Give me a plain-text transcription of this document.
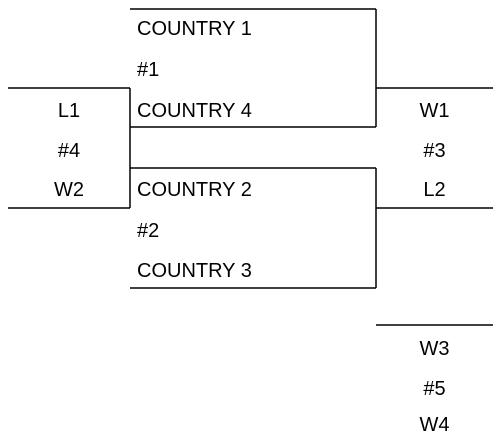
COUNTRY 1
#1
COUNTRY 4
L1
#4
W2
W1
#3
L2
COUNTRY 2
#2
COUNTRY 3
W3
#5
W4
